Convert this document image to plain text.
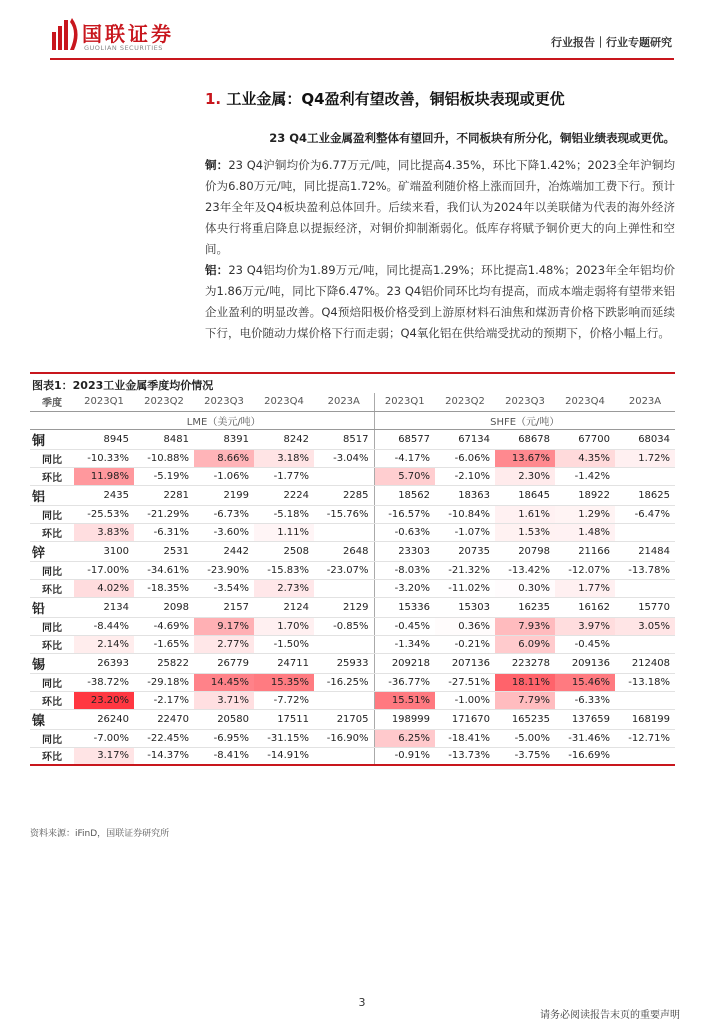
国联证券
GUOLIAN SECURITIES	行业报告｜行业专题研究
1. 工业金属：Q4盈利有望改善，铜铝板块表现或更优
23 Q4工业金属盈利整体有望回升，不同板块有所分化，铜铝业绩表现或更优。
铜：23 Q4沪铜均价为6.77万元/吨，同比提高4.35%，环比下降1.42%；2023全年沪铜均价为6.80万元/吨，同比提高1.72%。矿端盈利随价格上涨而回升，冶炼端加工费下行。预计23年全年及Q4板块盈利总体回升。后续来看，我们认为2024年以美联储为代表的海外经济体央行将重启降息以提振经济，对铜价抑制渐弱化。低库存将赋予铜价更大的向上弹性和空间。
铝：23 Q4铝均价为1.89万元/吨，同比提高1.29%；环比提高1.48%；2023年全年铝均价为1.86万元/吨，同比下降6.47%。23 Q4铝价同环比均有提高，而成本端走弱将有望带来铝企业盈利的明显改善。Q4预焙阳极价格受到上游原材料石油焦和煤沥青价格下跌影响而延续下行，电价随动力煤价格下行而走弱；Q4氧化铝在供给端受扰动的预期下，价格小幅上行。
图表1：2023工业金属季度均价情况
季度	2023Q1	2023Q2	2023Q3	2023Q4	2023A	2023Q1	2023Q2	2023Q3	2023Q4	2023A
	LME（美元/吨）					SHFE（元/吨）				
铜	8945	8481	8391	8242	8517	68577	67134	68678	67700	68034
同比	-10.33%	-10.88%	8.66%	3.18%	-3.04%	-4.17%	-6.06%	13.67%	4.35%	1.72%
环比	11.98%	-5.19%	-1.06%	-1.77%		5.70%	-2.10%	2.30%	-1.42%	
铝	2435	2281	2199	2224	2285	18562	18363	18645	18922	18625
同比	-25.53%	-21.29%	-6.73%	-5.18%	-15.76%	-16.57%	-10.84%	1.61%	1.29%	-6.47%
环比	3.83%	-6.31%	-3.60%	1.11%		-0.63%	-1.07%	1.53%	1.48%	
锌	3100	2531	2442	2508	2648	23303	20735	20798	21166	21484
同比	-17.00%	-34.61%	-23.90%	-15.83%	-23.07%	-8.03%	-21.32%	-13.42%	-12.07%	-13.78%
环比	4.02%	-18.35%	-3.54%	2.73%		-3.20%	-11.02%	0.30%	1.77%	
铅	2134	2098	2157	2124	2129	15336	15303	16235	16162	15770
同比	-8.44%	-4.69%	9.17%	1.70%	-0.85%	-0.45%	0.36%	7.93%	3.97%	3.05%
环比	2.14%	-1.65%	2.77%	-1.50%		-1.34%	-0.21%	6.09%	-0.45%	
锡	26393	25822	26779	24711	25933	209218	207136	223278	209136	212408
同比	-38.72%	-29.18%	14.45%	15.35%	-16.25%	-36.77%	-27.51%	18.11%	15.46%	-13.18%
环比	23.20%	-2.17%	3.71%	-7.72%		15.51%	-1.00%	7.79%	-6.33%	
镍	26240	22470	20580	17511	21705	198999	171670	165235	137659	168199
同比	-7.00%	-22.45%	-6.95%	-31.15%	-16.90%	6.25%	-18.41%	-5.00%	-31.46%	-12.71%
环比	3.17%	-14.37%	-8.41%	-14.91%		-0.91%	-13.73%	-3.75%	-16.69%	
资料来源：iFinD，国联证券研究所
3
请务必阅读报告末页的重要声明
